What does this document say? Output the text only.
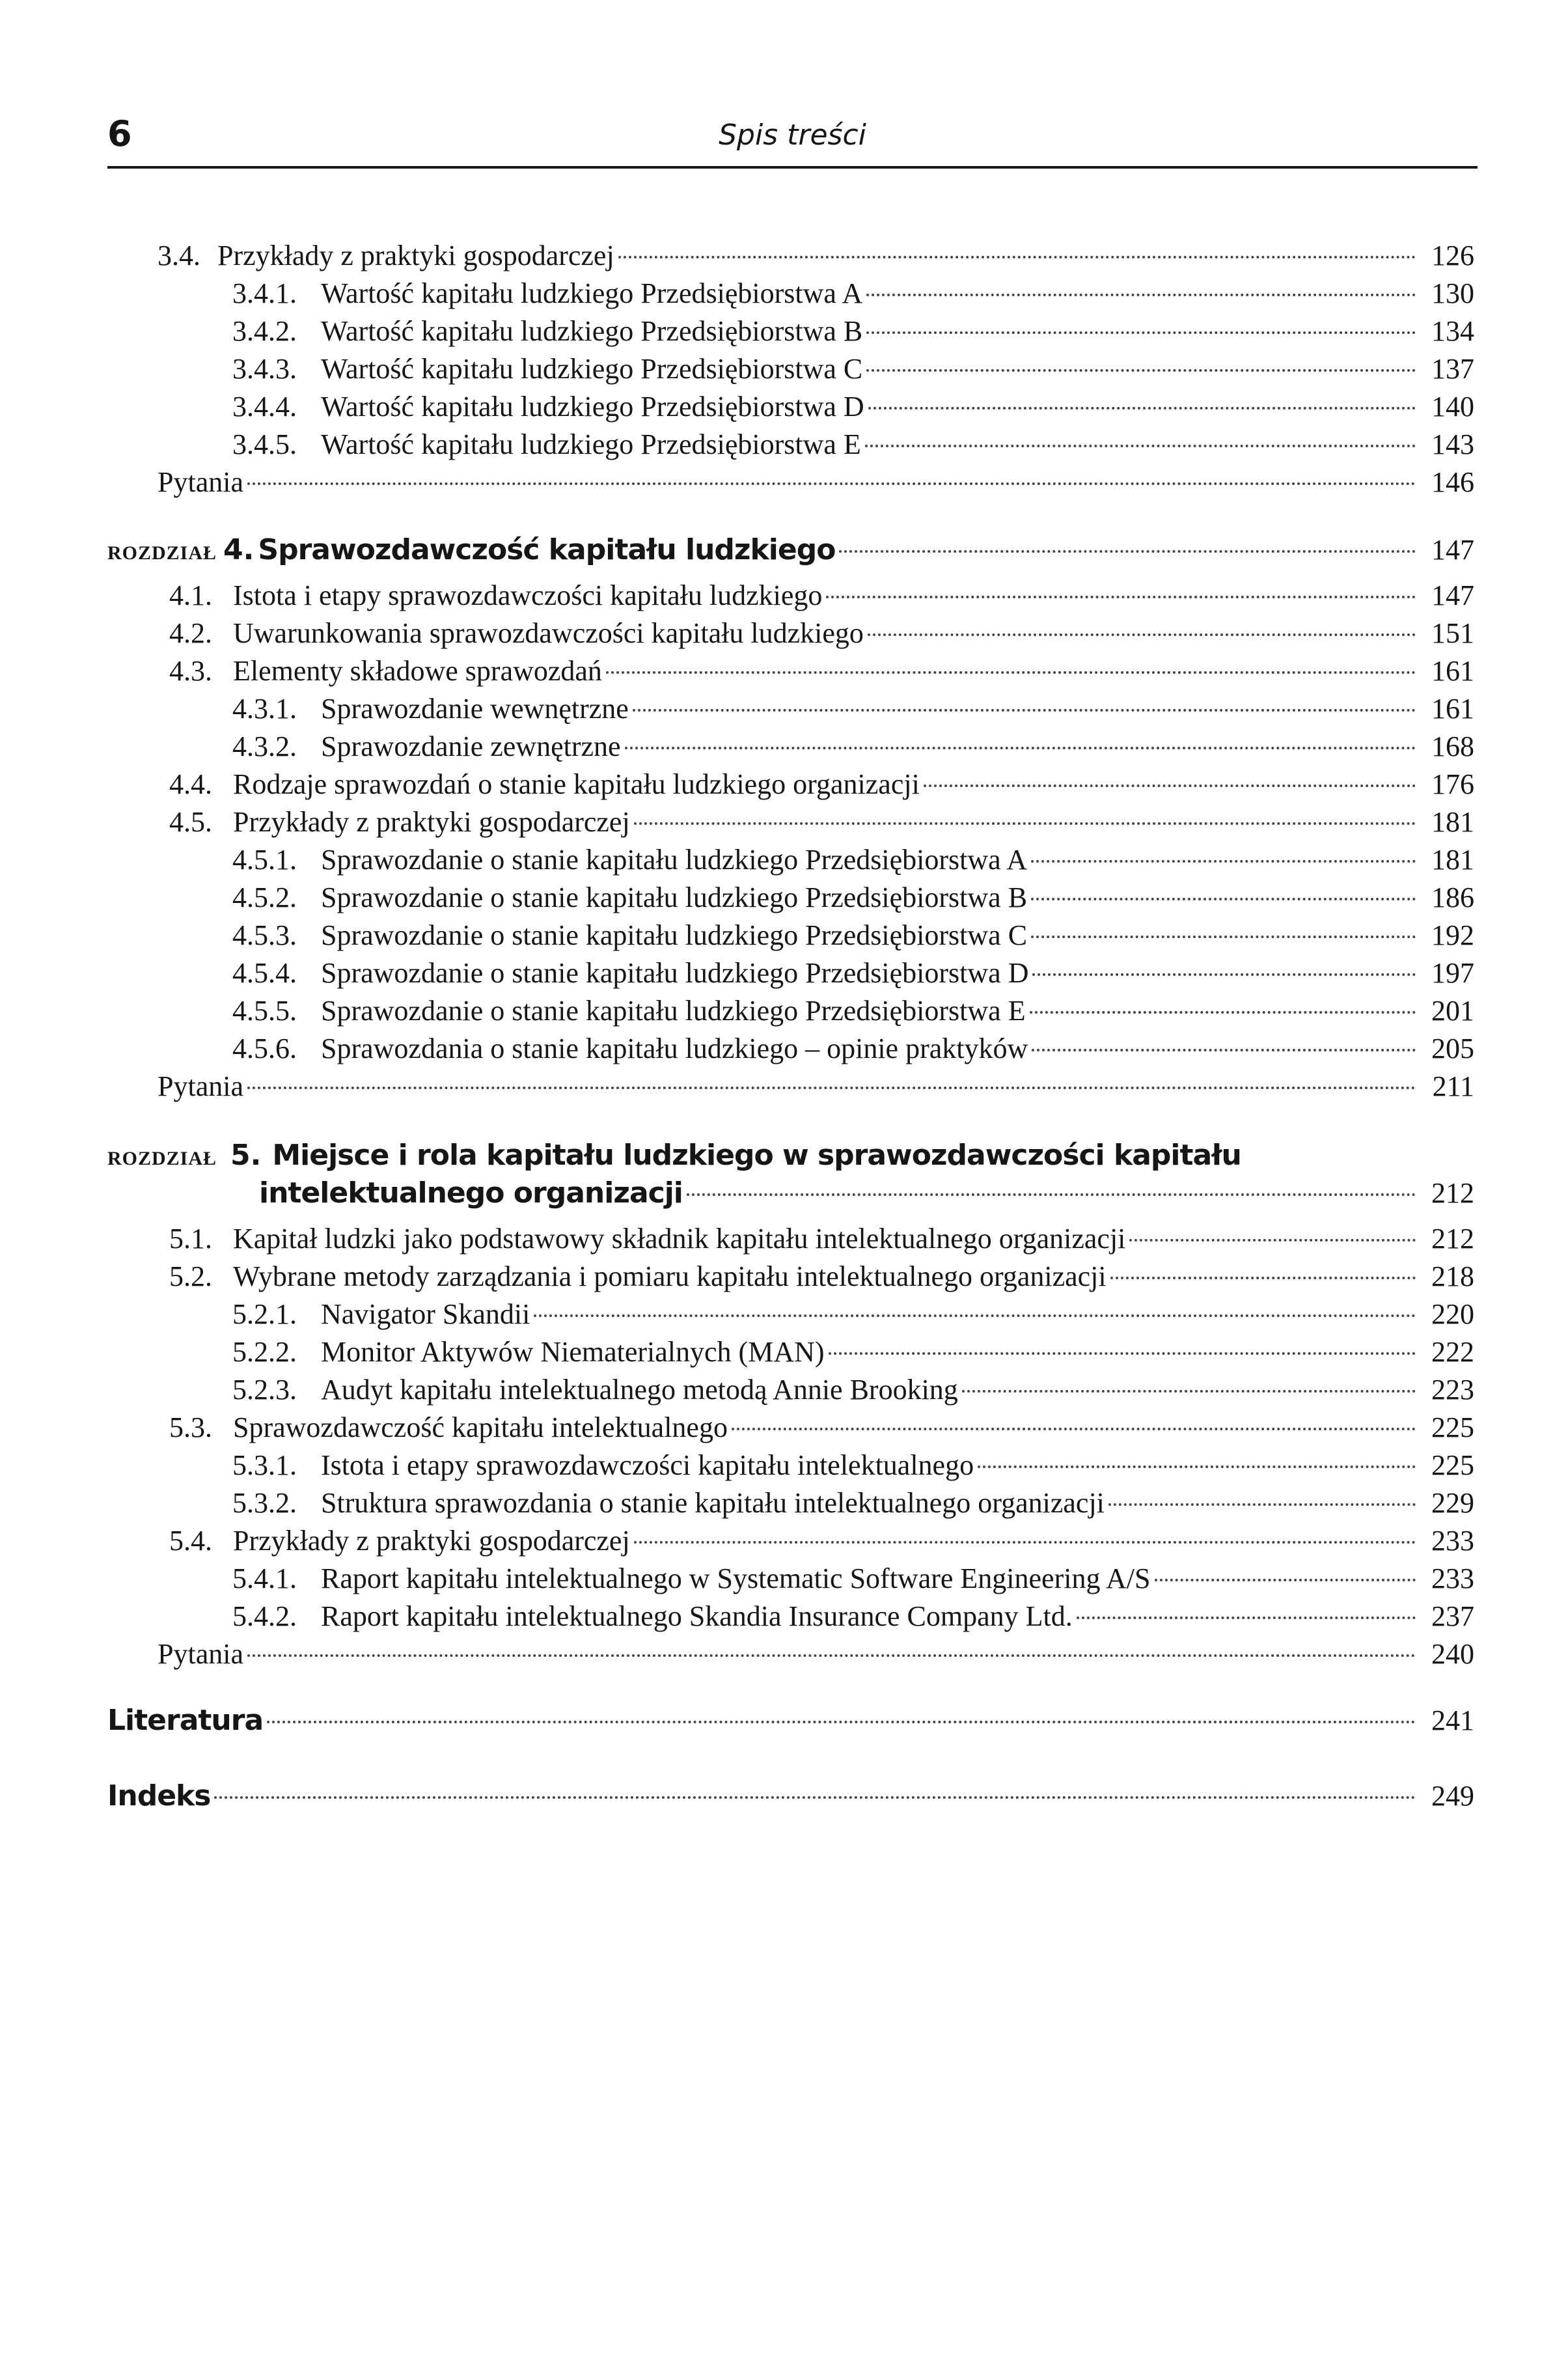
6	Spis treści
3.4. Przykłady z praktyki gospodarczej	126
3.4.1. Wartość kapitału ludzkiego Przedsiębiorstwa A	130
3.4.2. Wartość kapitału ludzkiego Przedsiębiorstwa B	134
3.4.3. Wartość kapitału ludzkiego Przedsiębiorstwa C	137
3.4.4. Wartość kapitału ludzkiego Przedsiębiorstwa D	140
3.4.5. Wartość kapitału ludzkiego Przedsiębiorstwa E	143
Pytania	146
ROZDZIAŁ 4. Sprawozdawczość kapitału ludzkiego	147
4.1. Istota i etapy sprawozdawczości kapitału ludzkiego	147
4.2. Uwarunkowania sprawozdawczości kapitału ludzkiego	151
4.3. Elementy składowe sprawozdań	161
4.3.1. Sprawozdanie wewnętrzne	161
4.3.2. Sprawozdanie zewnętrzne	168
4.4. Rodzaje sprawozdań o stanie kapitału ludzkiego organizacji	176
4.5. Przykłady z praktyki gospodarczej	181
4.5.1. Sprawozdanie o stanie kapitału ludzkiego Przedsiębiorstwa A	181
4.5.2. Sprawozdanie o stanie kapitału ludzkiego Przedsiębiorstwa B	186
4.5.3. Sprawozdanie o stanie kapitału ludzkiego Przedsiębiorstwa C	192
4.5.4. Sprawozdanie o stanie kapitału ludzkiego Przedsiębiorstwa D	197
4.5.5. Sprawozdanie o stanie kapitału ludzkiego Przedsiębiorstwa E	201
4.5.6. Sprawozdania o stanie kapitału ludzkiego – opinie praktyków	205
Pytania	211
ROZDZIAŁ 5. Miejsce i rola kapitału ludzkiego w sprawozdawczości kapitału
intelektualnego organizacji	212
5.1. Kapitał ludzki jako podstawowy składnik kapitału intelektualnego organizacji	212
5.2. Wybrane metody zarządzania i pomiaru kapitału intelektualnego organizacji	218
5.2.1. Navigator Skandii	220
5.2.2. Monitor Aktywów Niematerialnych (MAN)	222
5.2.3. Audyt kapitału intelektualnego metodą Annie Brooking	223
5.3. Sprawozdawczość kapitału intelektualnego	225
5.3.1. Istota i etapy sprawozdawczości kapitału intelektualnego	225
5.3.2. Struktura sprawozdania o stanie kapitału intelektualnego organizacji	229
5.4. Przykłady z praktyki gospodarczej	233
5.4.1. Raport kapitału intelektualnego w Systematic Software Engineering A/S	233
5.4.2. Raport kapitału intelektualnego Skandia Insurance Company Ltd.	237
Pytania	240
Literatura	241
Indeks	249
